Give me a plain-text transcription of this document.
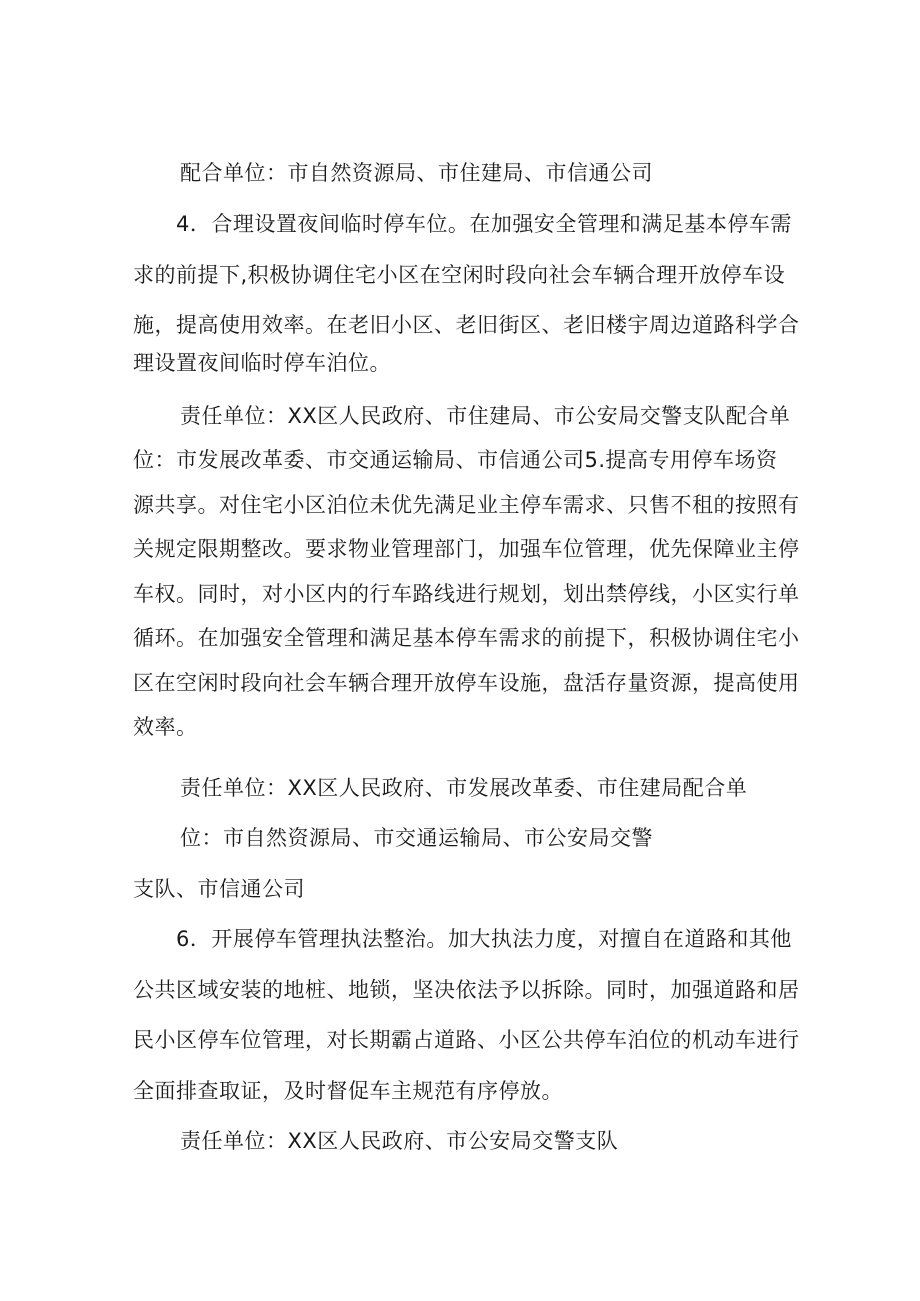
配合单位：市自然资源局、市住建局、市信通公司
4．合理设置夜间临时停车位。在加强安全管理和满足基本停车需
求的前提下,积极协调住宅小区在空闲时段向社会车辆合理开放停车设
施，提高使用效率。在老旧小区、老旧街区、老旧楼宇周边道路科学合
理设置夜间临时停车泊位。
责任单位：XX区人民政府、市住建局、市公安局交警支队配合单
位：市发展改革委、市交通运输局、市信通公司5.提高专用停车场资
源共享。对住宅小区泊位未优先满足业主停车需求、只售不租的按照有
关规定限期整改。要求物业管理部门，加强车位管理，优先保障业主停
车权。同时，对小区内的行车路线进行规划，划出禁停线，小区实行单
循环。在加强安全管理和满足基本停车需求的前提下，积极协调住宅小
区在空闲时段向社会车辆合理开放停车设施，盘活存量资源，提高使用
效率。
责任单位：XX区人民政府、市发展改革委、市住建局配合单
位：市自然资源局、市交通运输局、市公安局交警
支队、市信通公司
6．开展停车管理执法整治。加大执法力度，对擅自在道路和其他
公共区域安装的地桩、地锁，坚决依法予以拆除。同时，加强道路和居
民小区停车位管理，对长期霸占道路、小区公共停车泊位的机动车进行
全面排查取证，及时督促车主规范有序停放。
责任单位：XX区人民政府、市公安局交警支队
